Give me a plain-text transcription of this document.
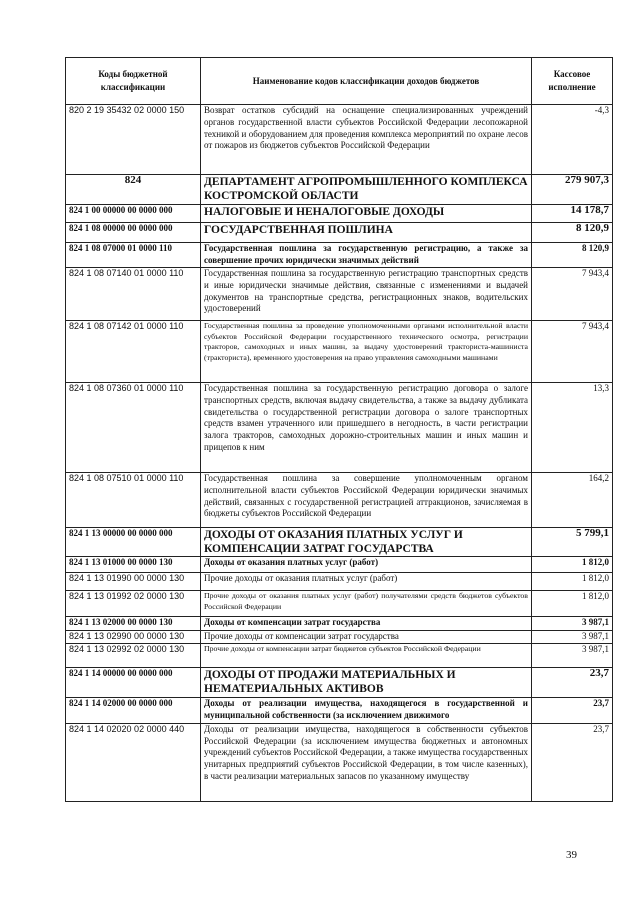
Коды бюджетной классификации	Наименование кодов классификации доходов бюджетов	Кассовое исполнение
820 2 19 35432 02 0000 150	Возврат остатков субсидий на оснащение специализированных учреждений органов государственной власти субъектов Российской Федерации лесопожарной техникой и оборудованием для проведения комплекса мероприятий по охране лесов от пожаров из бюджетов субъектов Российской Федерации	-4,3
824	ДЕПАРТАМЕНТ АГРОПРОМЫШЛЕННОГО КОМПЛЕКСА КОСТРОМСКОЙ ОБЛАСТИ	279 907,3
824 1 00 00000 00 0000 000	НАЛОГОВЫЕ И НЕНАЛОГОВЫЕ ДОХОДЫ	14 178,7
824 1 08 00000 00 0000 000	ГОСУДАРСТВЕННАЯ ПОШЛИНА	8 120,9
824 1 08 07000 01 0000 110	Государственная пошлина за государственную регистрацию, а также за совершение прочих юридически значимых действий	8 120,9
824 1 08 07140 01 0000 110	Государственная пошлина за государственную регистрацию транспортных средств и иные юридически значимые действия, связанные с изменениями и выдачей документов на транспортные средства, регистрационных знаков, водительских удостоверений	7 943,4
824 1 08 07142 01 0000 110	Государственная пошлина за проведение уполномоченными органами исполнительной власти субъектов Российской Федерации государственного технического осмотра, регистрации тракторов, самоходных и иных машин, за выдачу удостоверений тракториста-машиниста (тракториста), временного удостоверения на право управления самоходными машинами	7 943,4
824 1 08 07360 01 0000 110	Государственная пошлина за государственную регистрацию договора о залоге транспортных средств, включая выдачу свидетельства, а также за выдачу дубликата свидетельства о государственной регистрации договора о залоге транспортных средств взамен утраченного или пришедшего в негодность, в части регистрации залога тракторов, самоходных дорожно-строительных машин и иных машин и прицепов к ним	13,3
824 1 08 07510 01 0000 110	Государственная пошлина за совершение уполномоченным органом исполнительной власти субъектов Российской Федерации юридически значимых действий, связанных с государственной регистрацией аттракционов, зачисляемая в бюджеты субъектов Российской Федерации	164,2
824 1 13 00000 00 0000 000	ДОХОДЫ ОТ ОКАЗАНИЯ ПЛАТНЫХ УСЛУГ И КОМПЕНСАЦИИ ЗАТРАТ ГОСУДАРСТВА	5 799,1
824 1 13 01000 00 0000 130	Доходы от оказания платных услуг (работ)	1 812,0
824 1 13 01990 00 0000 130	Прочие доходы от оказания платных услуг (работ)	1 812,0
824 1 13 01992 02 0000 130	Прочие доходы от оказания платных услуг (работ) получателями средств бюджетов субъектов Российской Федерации	1 812,0
824 1 13 02000 00 0000 130	Доходы от компенсации затрат государства	3 987,1
824 1 13 02990 00 0000 130	Прочие доходы от компенсации затрат государства	3 987,1
824 1 13 02992 02 0000 130	Прочие доходы от компенсации затрат бюджетов субъектов Российской Федерации	3 987,1
824 1 14 00000 00 0000 000	ДОХОДЫ ОТ ПРОДАЖИ МАТЕРИАЛЬНЫХ И НЕМАТЕРИАЛЬНЫХ АКТИВОВ	23,7
824 1 14 02000 00 0000 000	Доходы от реализации имущества, находящегося в государственной и муниципальной собственности (за исключением движимого	23,7
824 1 14 02020 02 0000 440	Доходы от реализации имущества, находящегося в собственности субъектов Российской Федерации (за исключением имущества бюджетных и автономных учреждений субъектов Российской Федерации, а также имущества государственных унитарных предприятий субъектов Российской Федерации, в том числе казенных), в части реализации материальных запасов по указанному имуществу	23,7
39
